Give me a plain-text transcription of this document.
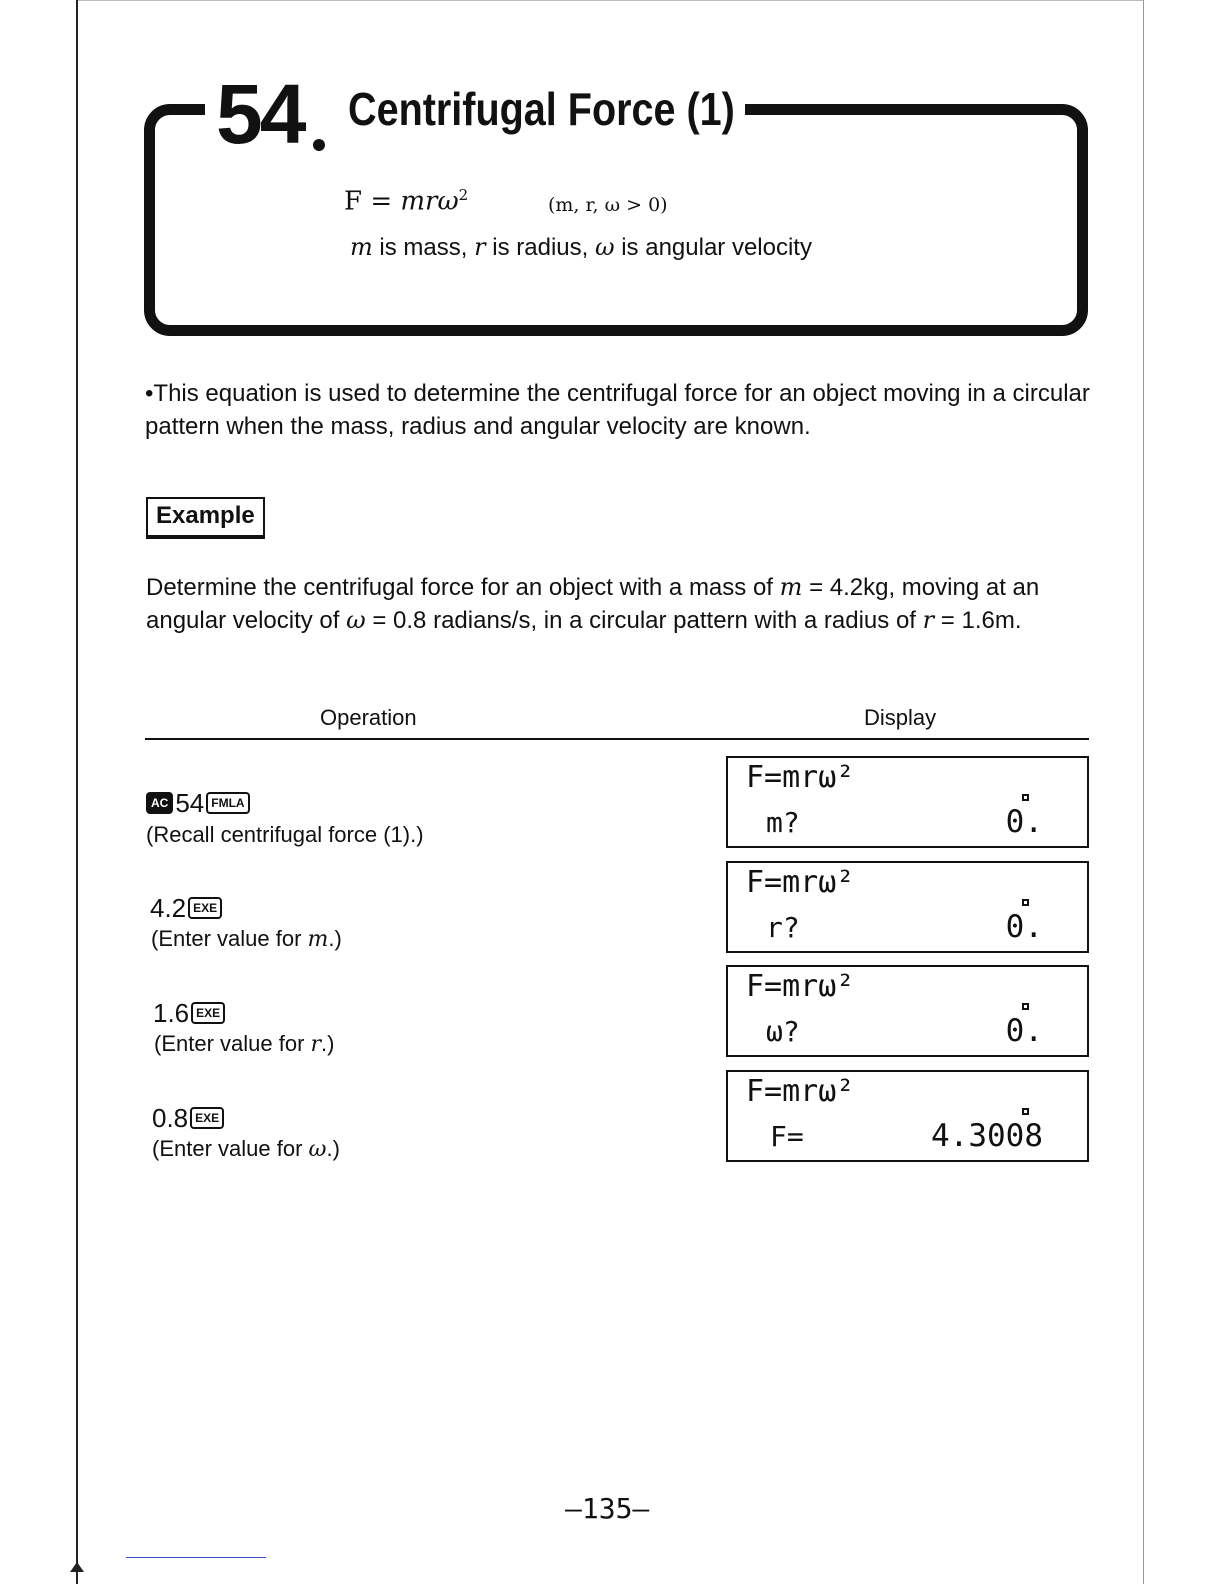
54 Centrifugal Force (1)
F = mrω$^2$	(m, r, ω > 0)
m is mass, r is radius, ω is angular velocity
•This equation is used to determine the centrifugal force for an object moving in a circular pattern when the mass, radius and angular velocity are known.
Example
Determine the centrifugal force for an object with a mass of m = 4.2kg, moving at an angular velocity of ω = 0.8 radians/s, in a circular pattern with a radius of r = 1.6m.
Operation	Display
AC 54 FMLA
(Recall centrifugal force (1).)
F=mrω²
m?	0.
4.2 EXE
(Enter value for m.)
F=mrω²
r?	0.
1.6 EXE
(Enter value for r.)
F=mrω²
ω?	0.
0.8 EXE
(Enter value for ω.)
F=mrω²
F=	4.3008
–135–
